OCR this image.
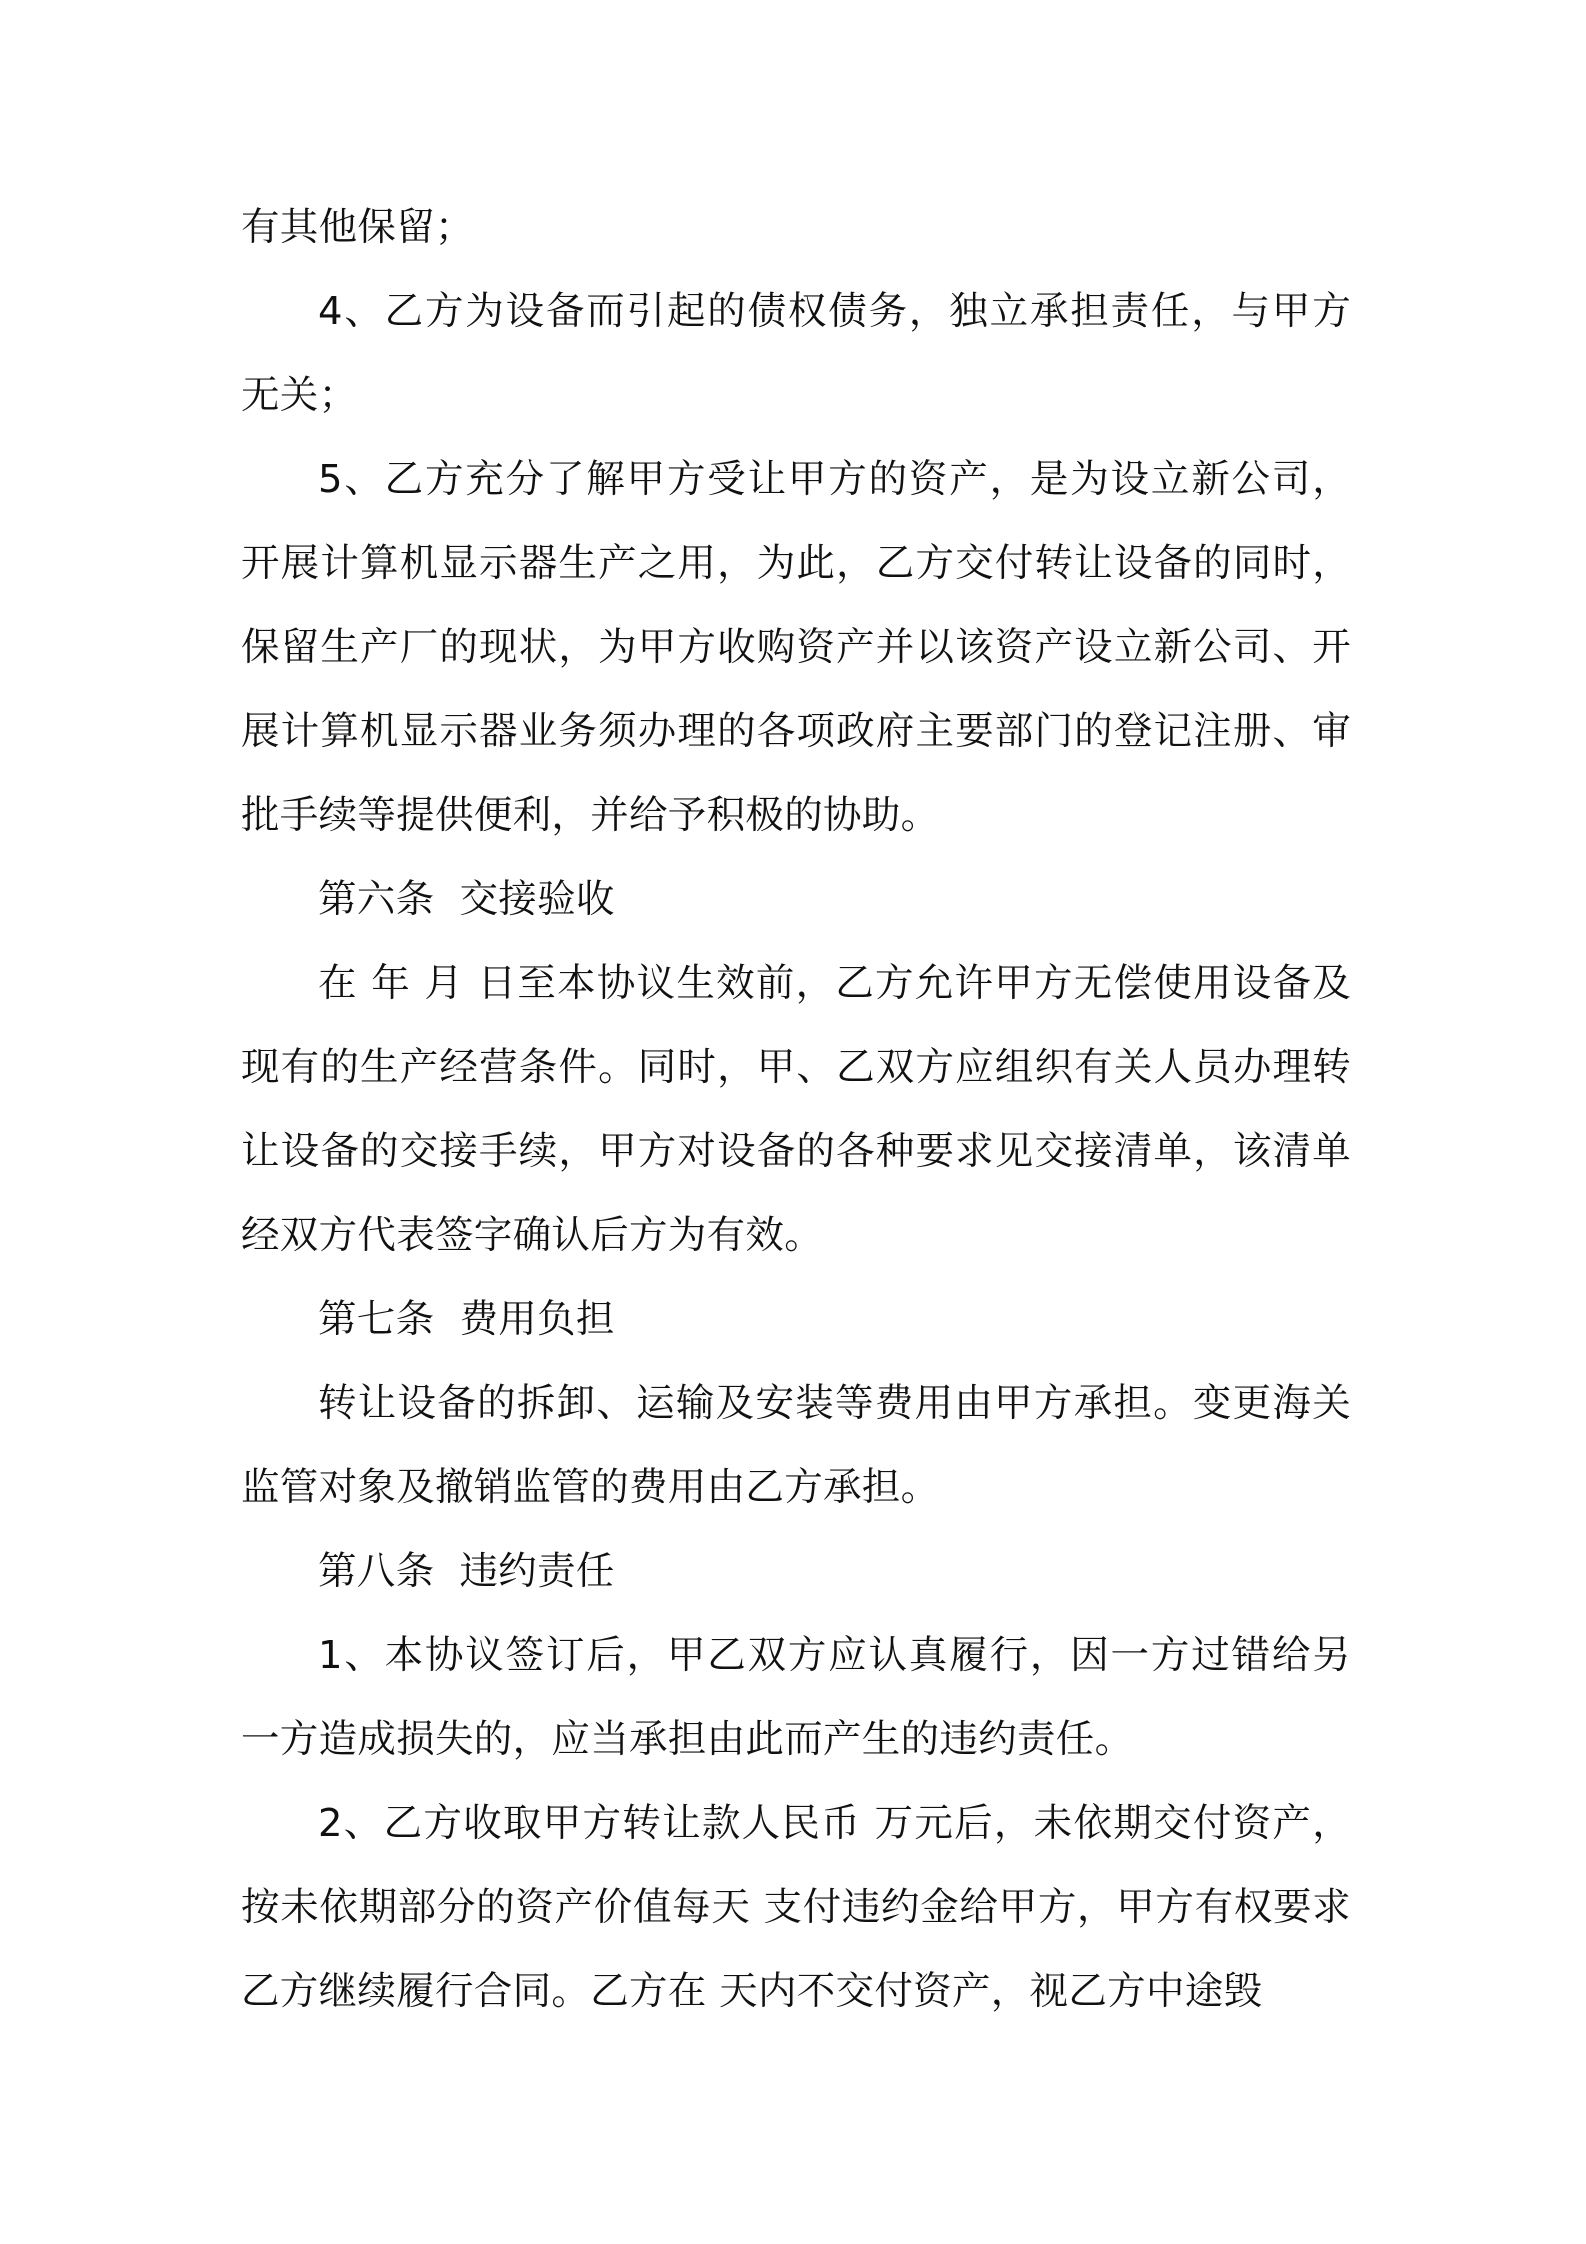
有其他保留；

4、乙方为设备而引起的债权债务，独立承担责任，与甲方无关；

5、乙方充分了解甲方受让甲方的资产，是为设立新公司，开展计算机显示器生产之用，为此，乙方交付转让设备的同时，保留生产厂的现状，为甲方收购资产并以该资产设立新公司、开展计算机显示器业务须办理的各项政府主要部门的登记注册、审批手续等提供便利，并给予积极的协助。

第六条  交接验收

在 年 月 日至本协议生效前，乙方允许甲方无偿使用设备及现有的生产经营条件。同时，甲、乙双方应组织有关人员办理转让设备的交接手续，甲方对设备的各种要求见交接清单，该清单经双方代表签字确认后方为有效。

第七条  费用负担

转让设备的拆卸、运输及安装等费用由甲方承担。变更海关监管对象及撤销监管的费用由乙方承担。

第八条  违约责任

1、本协议签订后，甲乙双方应认真履行，因一方过错给另一方造成损失的，应当承担由此而产生的违约责任。

2、乙方收取甲方转让款人民币 万元后，未依期交付资产，按未依期部分的资产价值每天 支付违约金给甲方，甲方有权要求乙方继续履行合同。乙方在 天内不交付资产，视乙方中途毁
